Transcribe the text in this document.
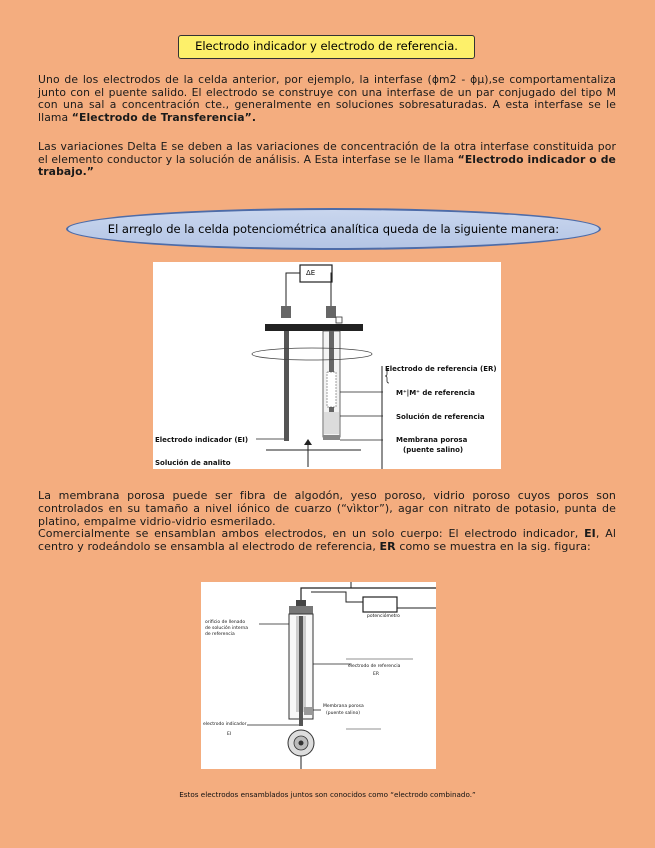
Electrodo indicador y electrodo de referencia.
Uno de los electrodos de la celda anterior, por ejemplo, la interfase (ϕm2 - ϕμ),se comportamentaliza junto con el puente salido. El electrodo se construye con una interfase de un par conjugado del tipo M con una sal a concentración cte., generalmente en soluciones sobresaturadas. A esta interfase se le llama “Electrodo de Transferencia”.
Las variaciones Delta E se deben a las variaciones de concentración de la otra interfase constituida por el elemento conductor y la solución de análisis. A Esta interfase se le llama “Electrodo indicador o de trabajo.”
El arreglo de la celda potenciométrica analítica queda de la siguiente manera:
ΔE
Electrodo de referencia (ER)
M⁺|M⁺ de referencia
Solución de referencia
Membrana porosa
(puente salino)
Electrodo indicador (EI)
Solución de analito
La membrana porosa puede ser fibra de algodón, yeso poroso, vidrio poroso cuyos poros son controlados en su tamaño a nivel iónico de cuarzo (“vìktor”), agar con nitrato de potasio, punta de platino, empalme vidrio-vidrio esmerilado.
Comercialmente se ensamblan ambos electrodos, en un solo cuerpo: El electrodo indicador, EI, Al centro y rodeándolo se ensambla al electrodo de referencia, ER como se muestra en la sig. figura:
orificio de llenado
de solución interna
de referencia
potenciómetro
electrodo de referencia
ER
Membrana porosa
(puente salino)
electrodo indicador
EI
Estos electrodos ensamblados juntos son conocidos como “electrodo combinado.”
